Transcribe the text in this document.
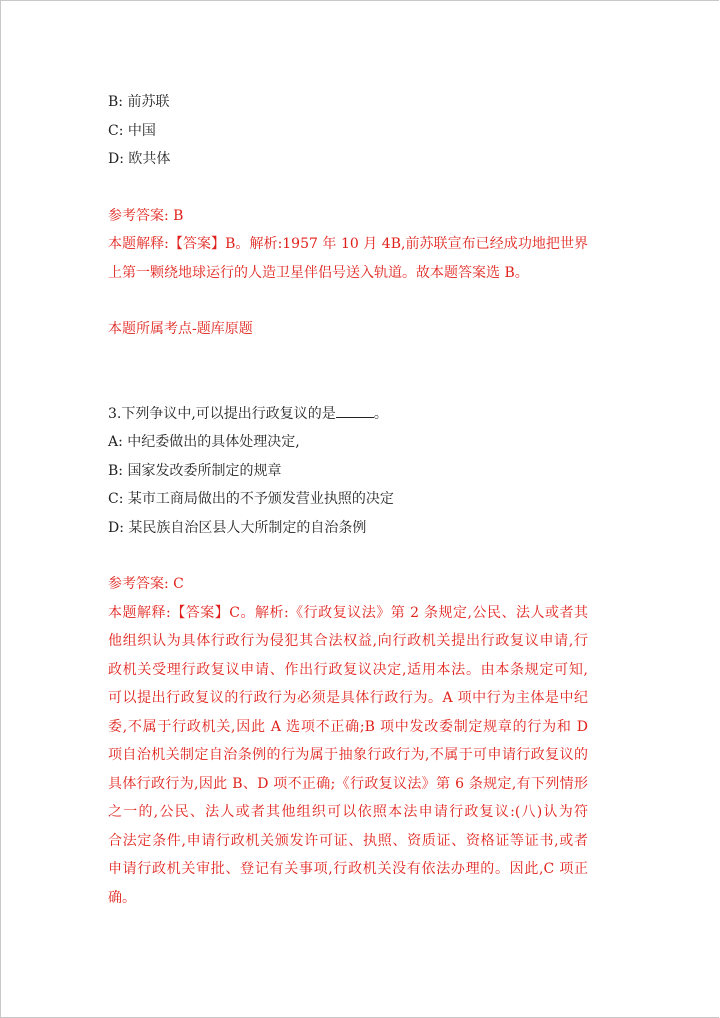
B: 前苏联
C: 中国
D: 欧共体
参考答案: B
本题解释:【答案】B。解析:1957 年 10 月 4B,前苏联宣布已经成功地把世界
上第一颗绕地球运行的人造卫星伴侣号送入轨道。故本题答案选 B。
本题所属考点-题库原题
3.下列争议中,可以提出行政复议的是	。
A: 中纪委做出的具体处理决定,
B: 国家发改委所制定的规章
C: 某市工商局做出的不予颁发营业执照的决定
D: 某民族自治区县人大所制定的自治条例
参考答案: C
本题解释:【答案】C。解析:《行政复议法》第 2 条规定,公民、法人或者其
他组织认为具体行政行为侵犯其合法权益,向行政机关提出行政复议申请,行
政机关受理行政复议申请、作出行政复议决定,适用本法。由本条规定可知,
可以提出行政复议的行政行为必须是具体行政行为。A 项中行为主体是中纪
委,不属于行政机关,因此 A 选项不正确;B 项中发改委制定规章的行为和 D
项自治机关制定自治条例的行为属于抽象行政行为,不属于可申请行政复议的
具体行政行为,因此 B、D 项不正确;《行政复议法》第 6 条规定,有下列情形
之一的,公民、法人或者其他组织可以依照本法申请行政复议:(八)认为符
合法定条件,申请行政机关颁发许可证、执照、资质证、资格证等证书,或者
申请行政机关审批、登记有关事项,行政机关没有依法办理的。因此,C 项正
确。
